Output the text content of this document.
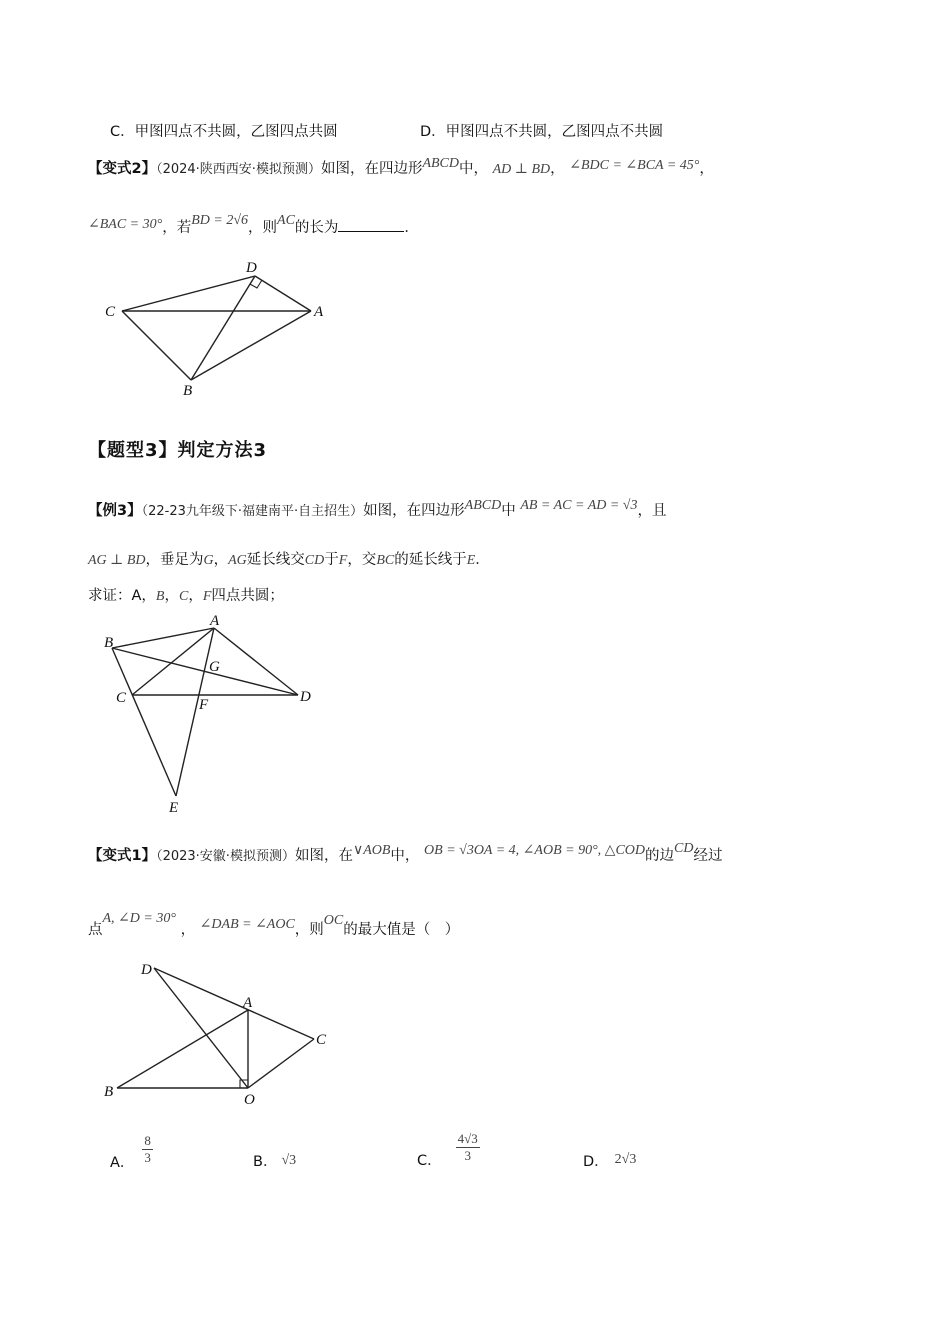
C．甲图四点不共圆，乙图四点共圆	D．甲图四点不共圆，乙图四点不共圆
【变式2】（2024·陕西西安·模拟预测）如图，在四边形ABCD中， AD ⊥ BD， ∠BDC = ∠BCA = 45°，
∠BAC = 30°，若BD = 2√6，则AC的长为	．
D
C	A
B
【题型3】判定方法3
【例3】（22-23九年级下·福建南平·自主招生）如图，在四边形ABCD中 AB = AC = AD = √3，且
AG ⊥ BD，垂足为G，AG延长线交CD于F，交BC的延长线于E．
求证：A，B，C，F四点共圆；
A
B
G
C	F	D
E
【变式1】（2023·安徽·模拟预测）如图，在∨AOB中， OB = √3OA = 4, ∠AOB = 90°, △COD的边CD经过
点A, ∠D = 30° ， ∠DAB = ∠AOC，则OC的最大值是（　）
D
A
C
B	O
A． $\frac{8}{3}$	B． √3	C． $\frac{4√3}{3}$	D． 2√3
